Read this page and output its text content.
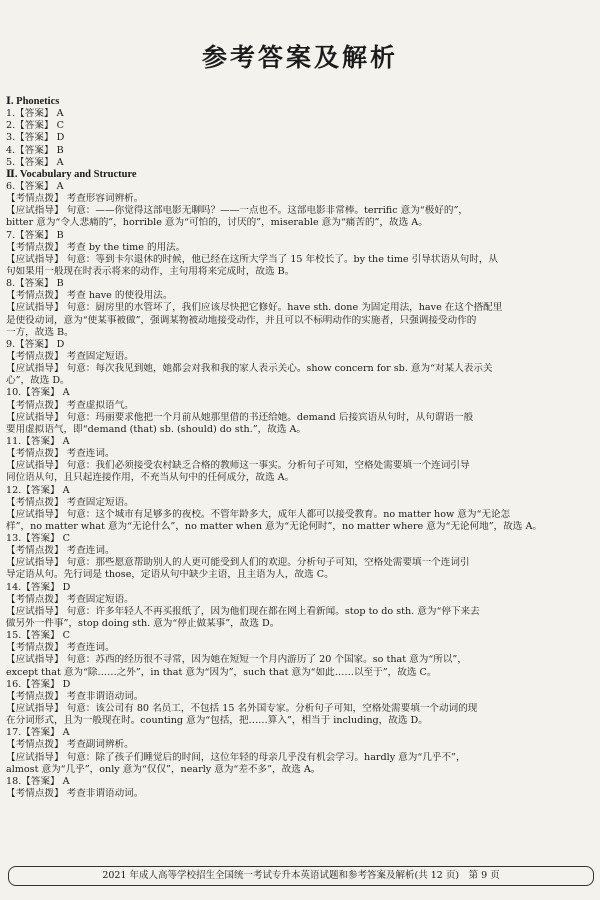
参考答案及解析
Ⅰ. Phonetics
1.【答案】 A
2.【答案】 C
3.【答案】 D
4.【答案】 B
5.【答案】 A
Ⅱ. Vocabulary and Structure
6.【答案】 A
【考情点拨】 考查形容词辨析。
【应试指导】 句意：——你觉得这部电影无聊吗？——一点也不。这部电影非常棒。terrific 意为“极好的”，
bitter 意为“令人悲痛的”，horrible 意为“可怕的，讨厌的”，miserable 意为“痛苦的”，故选 A。
7.【答案】 B
【考情点拨】 考查 by the time 的用法。
【应试指导】 句意：等到卡尔退休的时候，他已经在这所大学当了 15 年校长了。by the time 引导状语从句时，从
句如果用一般现在时表示将来的动作，主句用将来完成时，故选 B。
8.【答案】 B
【考情点拨】 考查 have 的使役用法。
【应试指导】 句意：厨房里的水管坏了，我们应该尽快把它修好。have sth. done 为固定用法，have 在这个搭配里
是使役动词，意为“使某事被做”，强调某物被动地接受动作，并且可以不标明动作的实施者，只强调接受动作的
一方，故选 B。
9.【答案】 D
【考情点拨】 考查固定短语。
【应试指导】 句意：每次我见到她，她都会对我和我的家人表示关心。show concern for sb. 意为“对某人表示关
心”，故选 D。
10.【答案】 A
【考情点拨】 考查虚拟语气。
【应试指导】 句意：玛丽要求他把一个月前从她那里借的书还给她。demand 后接宾语从句时，从句谓语一般
要用虚拟语气，即“demand (that) sb. (should) do sth.”，故选 A。
11.【答案】 A
【考情点拨】 考查连词。
【应试指导】 句意：我们必须接受农村缺乏合格的教师这一事实。分析句子可知，空格处需要填一个连词引导
同位语从句，且只起连接作用，不充当从句中的任何成分，故选 A。
12.【答案】 A
【考情点拨】 考查固定短语。
【应试指导】 句意：这个城市有足够多的夜校。不管年龄多大，成年人都可以接受教育。no matter how 意为“无论怎
样”，no matter what 意为“无论什么”，no matter when 意为“无论何时”，no matter where 意为“无论何地”，故选 A。
13.【答案】 C
【考情点拨】 考查连词。
【应试指导】 句意：那些愿意帮助别人的人更可能受到人们的欢迎。分析句子可知，空格处需要填一个连词引
导定语从句。先行词是 those，定语从句中缺少主语，且主语为人，故选 C。
14.【答案】 D
【考情点拨】 考查固定短语。
【应试指导】 句意：许多年轻人不再买报纸了，因为他们现在都在网上看新闻。stop to do sth. 意为“停下来去
做另外一件事”，stop doing sth. 意为“停止做某事”，故选 D。
15.【答案】 C
【考情点拨】 考查连词。
【应试指导】 句意：苏西的经历很不寻常，因为她在短短一个月内游历了 20 个国家。so that 意为“所以”，
except that 意为“除……之外”，in that 意为“因为”，such that 意为“如此……以至于”，故选 C。
16.【答案】 D
【考情点拨】 考查非谓语动词。
【应试指导】 句意：该公司有 80 名员工，不包括 15 名外国专家。分析句子可知，空格处需要填一个动词的现
在分词形式，且为一般现在时。counting 意为“包括，把……算入”，相当于 including，故选 D。
17.【答案】 A
【考情点拨】 考查副词辨析。
【应试指导】 句意：除了孩子们睡觉后的时间，这位年轻的母亲几乎没有机会学习。hardly 意为“几乎不”，
almost 意为“几乎”，only 意为“仅仅”，nearly 意为“差不多”，故选 A。
18.【答案】 A
【考情点拨】 考查非谓语动词。
2021 年成人高等学校招生全国统一考试专升本英语试题和参考答案及解析(共 12 页)　第 9 页
